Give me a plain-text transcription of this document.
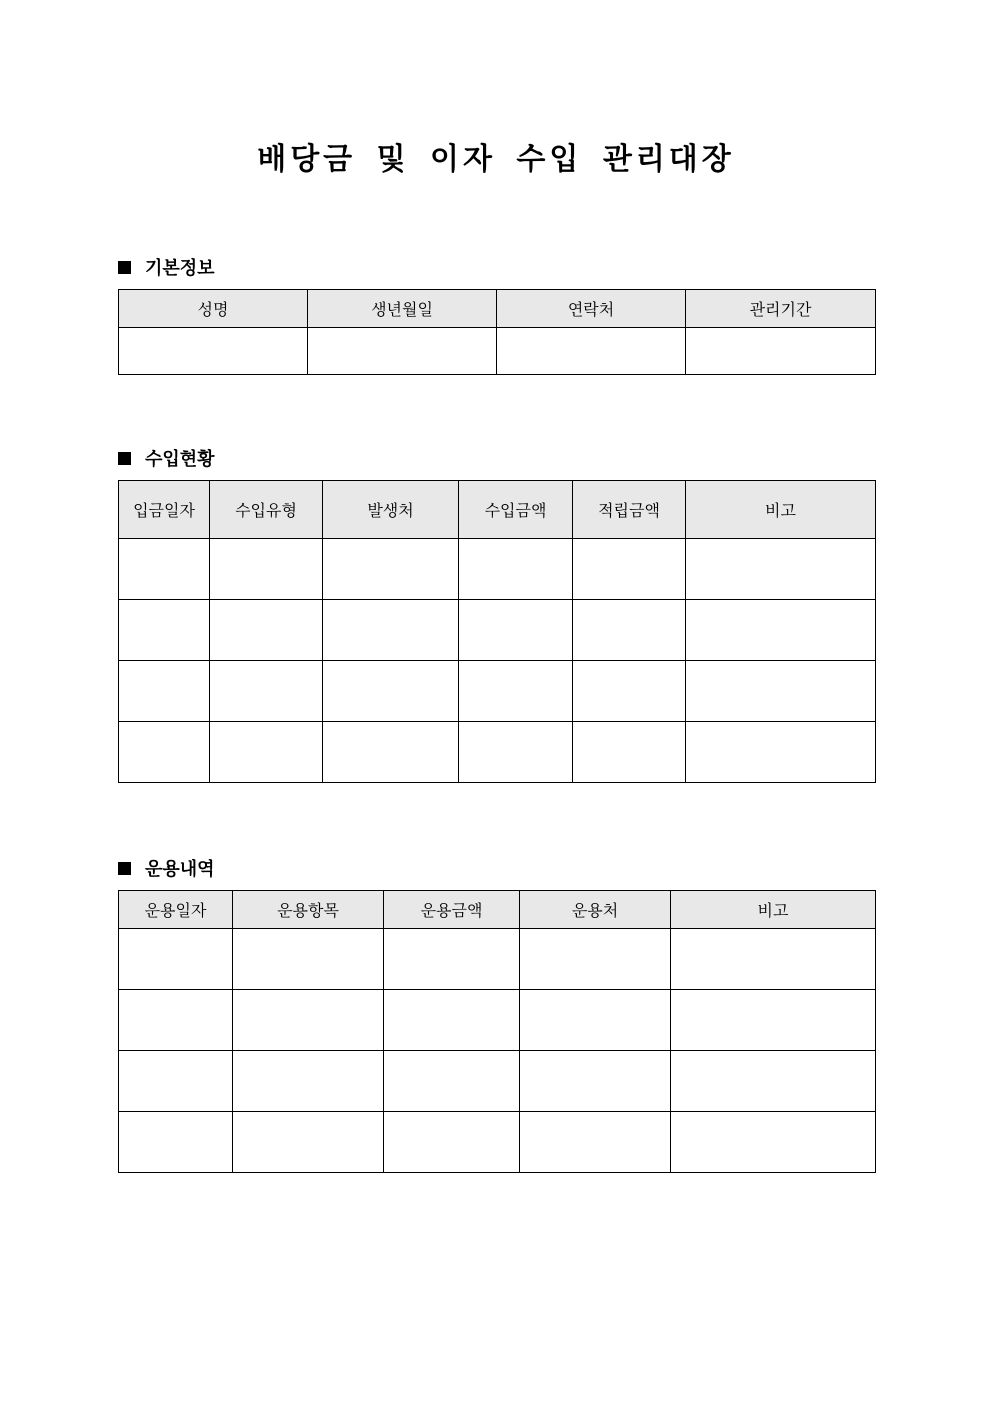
배당금 및 이자 수입 관리대장
기본정보
성명	생년월일	연락처	관리기간

수입현황
입금일자	수입유형	발생처	수입금액	적립금액	비고

운용내역
운용일자	운용항목	운용금액	운용처	비고
